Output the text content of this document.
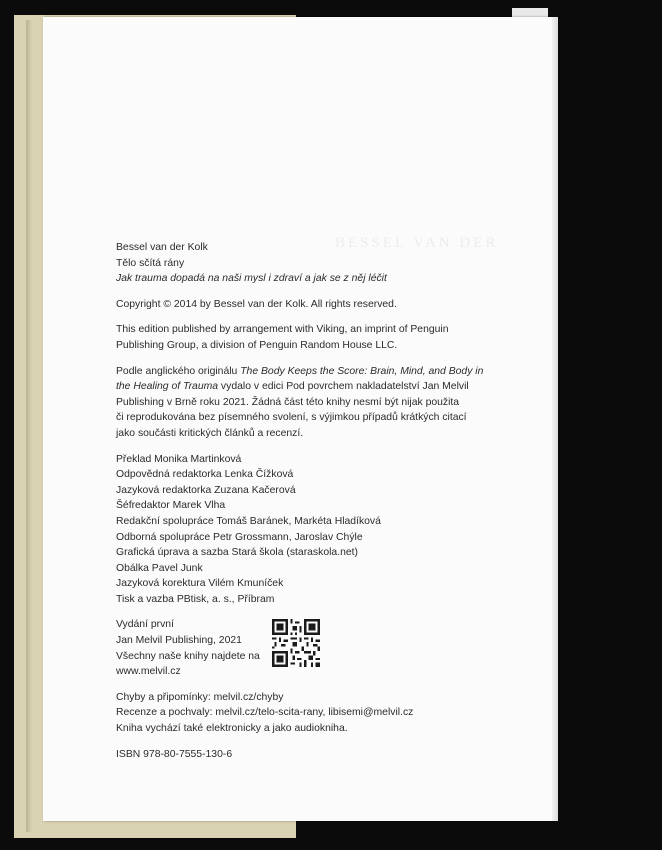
BESSEL VAN DER
Bessel van der Kolk
Tělo sčítá rány
Jak trauma dopadá na naši mysl i zdraví a jak se z něj léčit
Copyright © 2014 by Bessel van der Kolk. All rights reserved.
This edition published by arrangement with Viking, an imprint of Penguin
Publishing Group, a division of Penguin Random House LLC.
Podle anglického originálu The Body Keeps the Score: Brain, Mind, and Body in
the Healing of Trauma vydalo v edici Pod povrchem nakladatelství Jan Melvil
Publishing v Brně roku 2021. Žádná část této knihy nesmí být nijak použita
či reprodukována bez písemného svolení, s výjimkou případů krátkých citací
jako součásti kritických článků a recenzí.
Překlad Monika Martinková
Odpovědná redaktorka Lenka Čížková
Jazyková redaktorka Zuzana Kačerová
Šéfredaktor Marek Vlha
Redakční spolupráce Tomáš Baránek, Markéta Hladíková
Odborná spolupráce Petr Grossmann, Jaroslav Chýle
Grafická úprava a sazba Stará škola (staraskola.net)
Obálka Pavel Junk
Jazyková korektura Vilém Kmuníček
Tisk a vazba PBtisk, a. s., Příbram
Vydání první
Jan Melvil Publishing, 2021
Všechny naše knihy najdete na
www.melvil.cz
Chyby a připomínky: melvil.cz/chyby
Recenze a pochvaly: melvil.cz/telo-scita-rany, libisemi@melvil.cz
Kniha vychází také elektronicky a jako audiokniha.
ISBN 978-80-7555-130-6
